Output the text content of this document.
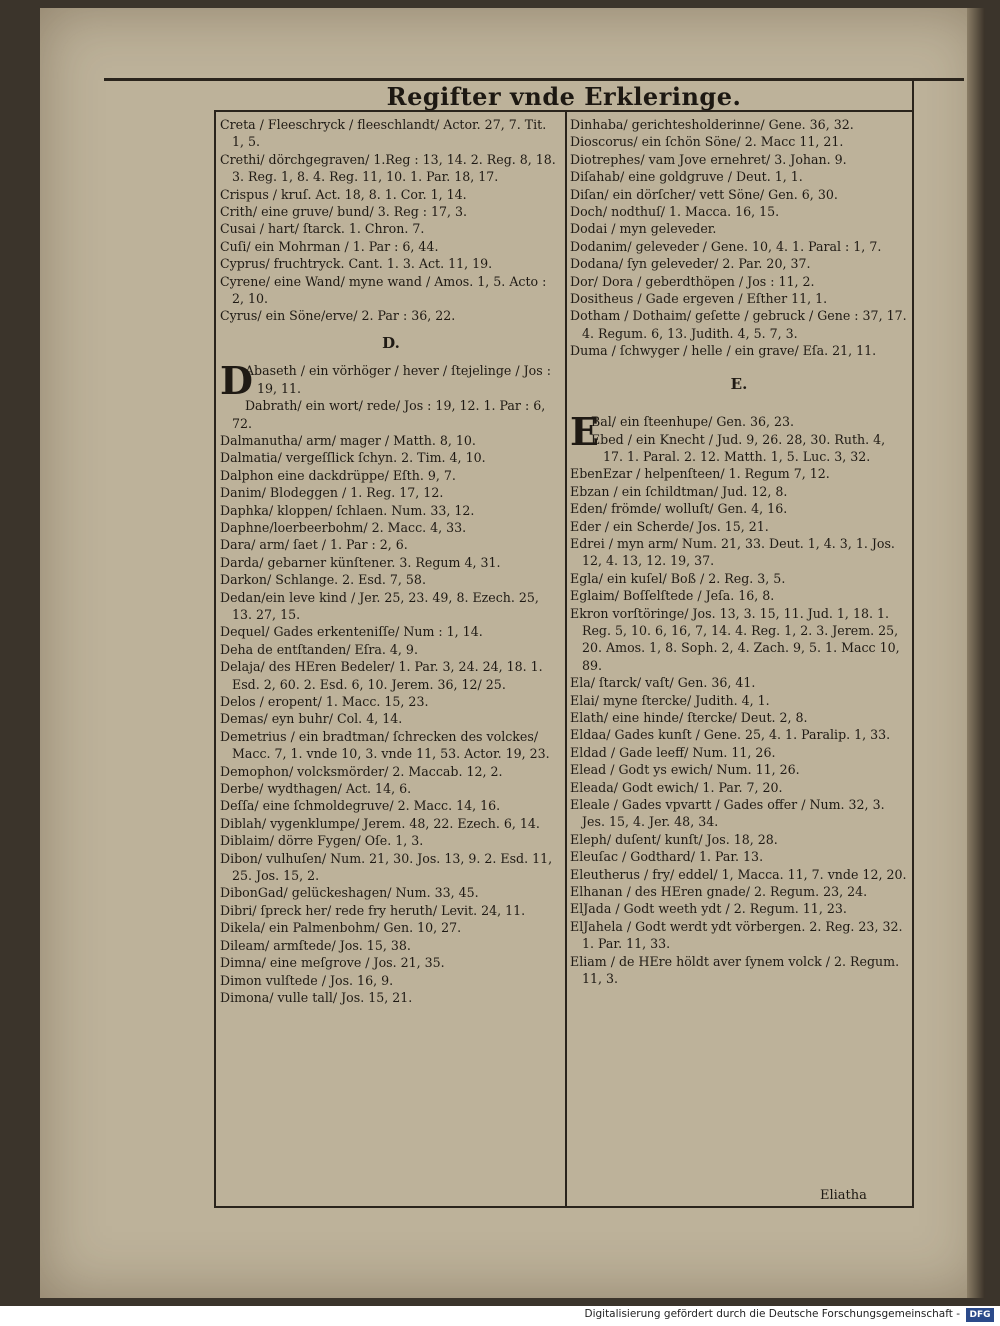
Regifter vnde Erkleringe.

Creta / Fleeschryck / fleeschlandt/ Actor. 27, 7. Tit. 1, 5.

Crethi/ dörchgegraven/ 1.Reg : 13, 14. 2. Reg. 8, 18. 3. Reg. 1, 8. 4. Reg. 11, 10. 1. Par. 18, 17.

Crispus / kruſ. Act. 18, 8. 1. Cor. 1, 14.

Crith/ eine gruve/ bund/ 3. Reg : 17, 3.

Cusai / hart/ ſtarck. 1. Chron. 7.

Cuſi/ ein Mohrman / 1. Par : 6, 44.

Cyprus/ fruchtryck. Cant. 1. 3. Act. 11, 19.

Cyrene/ eine Wand/ myne wand / Amos. 1, 5. Acto : 2, 10.

Cyrus/ ein Söne/erve/ 2. Par : 36, 22.

D.
D

Abaseth / ein vörhöger / hever / ſtejelinge / Jos : 19, 11.

Dabrath/ ein wort/ rede/ Jos : 19, 12. 1. Par : 6, 72.

Dalmanutha/ arm/ mager / Matth. 8, 10.

Dalmatia/ vergeſſlick ſchyn. 2. Tim. 4, 10.

Dalphon eine dackdrüppe/ Eſth. 9, 7.

Danim/ Blodeggen / 1. Reg. 17, 12.

Daphka/ kloppen/ ſchlaen. Num. 33, 12.

Daphne/loerbeerbohm/ 2. Macc. 4, 33.

Dara/ arm/ ſaet / 1. Par : 2, 6.

Darda/ gebarner künſtener. 3. Regum 4, 31.

Darkon/ Schlange. 2. Esd. 7, 58.

Dedan/ein leve kind / Jer. 25, 23. 49, 8. Ezech. 25, 13. 27, 15.

Dequel/ Gades erkenteniſſe/ Num : 1, 14.

Deha de entſtanden/ Eſra. 4, 9.

Delaja/ des HEren Bedeler/ 1. Par. 3, 24. 24, 18. 1. Esd. 2, 60. 2. Esd. 6, 10. Jerem. 36, 12/ 25.

Delos / eropent/ 1. Macc. 15, 23.

Demas/ eyn buhr/ Col. 4, 14.

Demetrius / ein bradtman/ ſchrecken des volckes/ Macc. 7, 1. vnde 10, 3. vnde 11, 53. Actor. 19, 23.

Demophon/ volcksmörder/ 2. Maccab. 12, 2.

Derbe/ wydthagen/ Act. 14, 6.

Deſſa/ eine ſchmoldegruve/ 2. Macc. 14, 16.

Diblah/ vygenklumpe/ Jerem. 48, 22. Ezech. 6, 14.

Diblaim/ dörre Fygen/ Oſe. 1, 3.

Dibon/ vulhuſen/ Num. 21, 30. Jos. 13, 9. 2. Esd. 11, 25. Jos. 15, 2.

DibonGad/ gelückeshagen/ Num. 33, 45.

Dibri/ ſpreck her/ rede fry heruth/ Levit. 24, 11.

Dikela/ ein Palmenbohm/ Gen. 10, 27.

Dileam/ armſtede/ Jos. 15, 38.

Dimna/ eine meſgrove / Jos. 21, 35.

Dimon vulſtede / Jos. 16, 9.

Dimona/ vulle tall/ Jos. 15, 21.

Dinhaba/ gerichtesholderinne/ Gene. 36, 32.

Dioscorus/ ein ſchön Söne/ 2. Macc 11, 21.

Diotrephes/ vam Jove ernehret/ 3. Johan. 9.

Diſahab/ eine goldgruve / Deut. 1, 1.

Diſan/ ein dörſcher/ vett Söne/ Gen. 6, 30.

Doch/ nodthuſ/ 1. Macca. 16, 15.

Dodai / myn geleveder.

Dodanim/ geleveder / Gene. 10, 4. 1. Paral : 1, 7.

Dodana/ ſyn geleveder/ 2. Par. 20, 37.

Dor/ Dora / geberdthöpen / Jos : 11, 2.

Dositheus / Gade ergeven / Eſther 11, 1.

Dotham / Dothaim/ geſette / gebruck / Gene : 37, 17. 4. Regum. 6, 13. Judith. 4, 5. 7, 3.

Duma / ſchwyger / helle / ein grave/ Eſa. 21, 11.

E.
E

Bal/ ein ſteenhupe/ Gen. 36, 23.

Ebed / ein Knecht / Jud. 9, 26. 28, 30. Ruth. 4, 17. 1. Paral. 2. 12. Matth. 1, 5. Luc. 3, 32.

EbenEzar / helpenſteen/ 1. Regum 7, 12.

Ebzan / ein ſchildtman/ Jud. 12, 8.

Eden/ frömde/ wolluſt/ Gen. 4, 16.

Eder / ein Scherde/ Jos. 15, 21.

Edrei / myn arm/ Num. 21, 33. Deut. 1, 4. 3, 1. Jos. 12, 4. 13, 12. 19, 37.

Egla/ ein kuſel/ Boß / 2. Reg. 3, 5.

Eglaim/ Boſſelſtede / Jeſa. 16, 8.

Ekron vorſtöringe/ Jos. 13, 3. 15, 11. Jud. 1, 18. 1. Reg. 5, 10. 6, 16, 7, 14. 4. Reg. 1, 2. 3. Jerem. 25, 20. Amos. 1, 8. Soph. 2, 4. Zach. 9, 5. 1. Macc 10, 89.

Ela/ ſtarck/ vaſt/ Gen. 36, 41.

Elai/ myne ſtercke/ Judith. 4, 1.

Elath/ eine hinde/ ſtercke/ Deut. 2, 8.

Eldaa/ Gades kunſt / Gene. 25, 4. 1. Paralip. 1, 33.

Eldad / Gade leeff/ Num. 11, 26.

Elead / Godt ys ewich/ Num. 11, 26.

Eleada/ Godt ewich/ 1. Par. 7, 20.

Eleale / Gades vpvartt / Gades offer / Num. 32, 3. Jes. 15, 4. Jer. 48, 34.

Eleph/ duſent/ kunſt/ Jos. 18, 28.

Eleuſac / Godthard/ 1. Par. 13.

Eleutherus / fry/ eddel/ 1, Macca. 11, 7. vnde 12, 20.

Elhanan / des HEren gnade/ 2. Regum. 23, 24.

ElJada / Godt weeth ydt / 2. Regum. 11, 23.

ElJahela / Godt werdt ydt vörbergen. 2. Reg. 23, 32. 1. Par. 11, 33.

Eliam / de HEre höldt aver ſynem volck / 2. Regum. 11, 3.

Eliatha
Digitalisierung gefördert durch die Deutsche Forschungsgemeinschaft -	DFG
